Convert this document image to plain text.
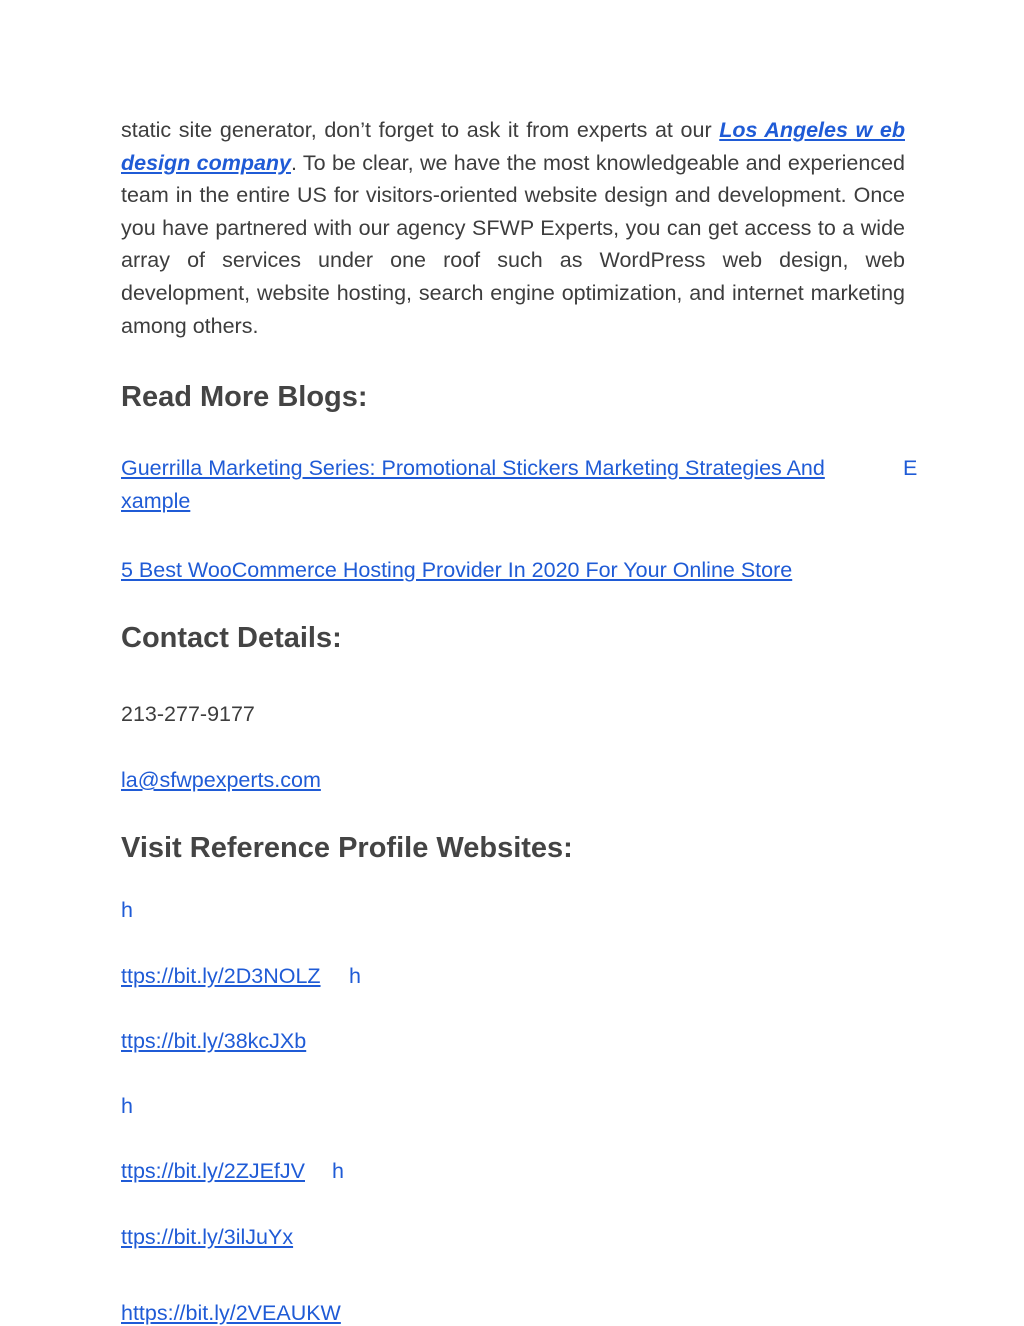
static site generator, don’t forget to ask it from experts at our Los Angeles w eb design company. To be clear, we have the most knowledgeable and experienced team in the entire US for visitors-oriented website design and development. Once you have partnered with our agency SFWP Experts, you can get access to a wide array of services under one roof such as WordPress web design, web development, website hosting, search engine optimization, and internet marketing among others.

Read More Blogs:
Guerrilla Marketing Series: Promotional Stickers Marketing Strategies And	E
xample
5 Best WooCommerce Hosting Provider In 2020 For Your Online Store
Contact Details:

213-277-9177

la@sfwpexperts.com
Visit Reference Profile Websites:
h
ttps://bit.ly/2D3NOLZ h
ttps://bit.ly/38kcJXb
h
ttps://bit.ly/2ZJEfJV h
ttps://bit.ly/3ilJuYx
https://bit.ly/2VEAUKW
